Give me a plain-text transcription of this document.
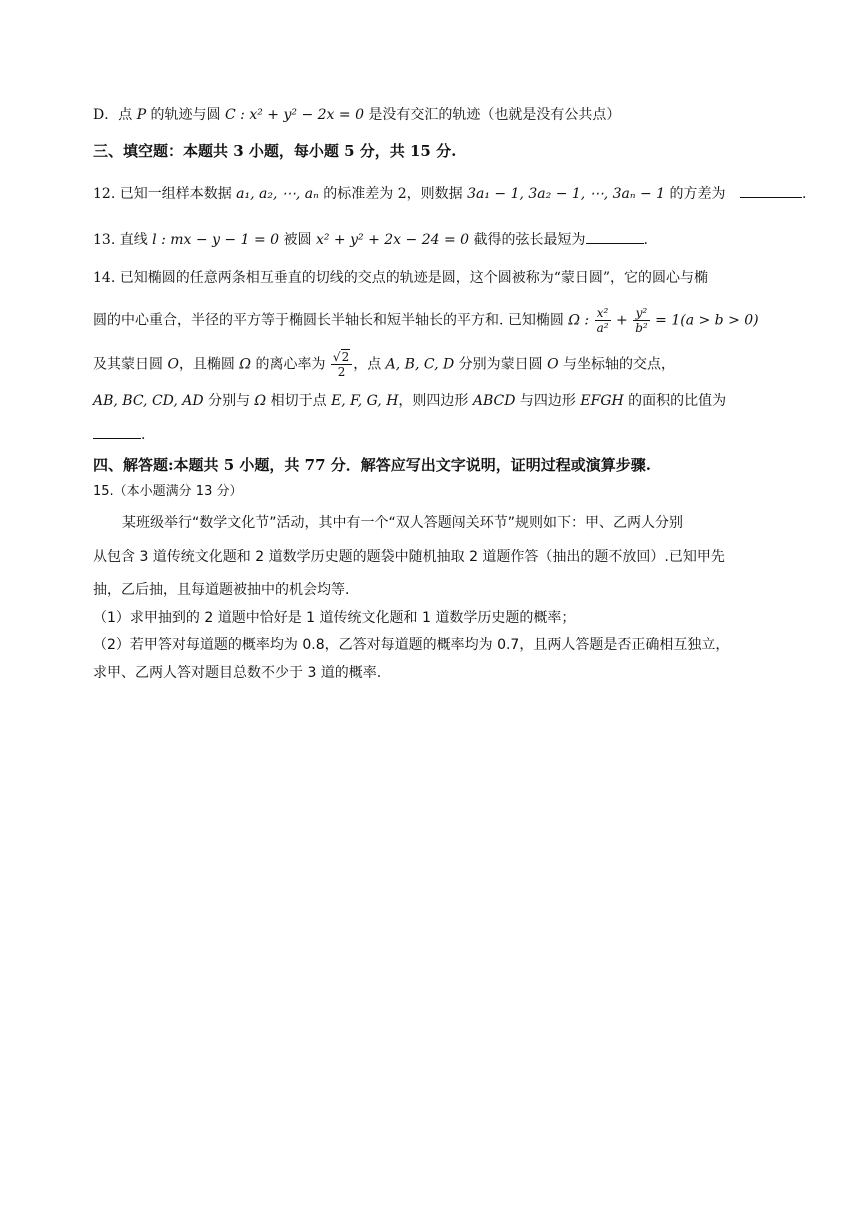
D．点 P 的轨迹与圆 C : x² + y² − 2x = 0 是没有交汇的轨迹（也就是没有公共点）
三、填空题：本题共 3 小题，每小题 5 分，共 15 分.
12. 已知一组样本数据 a₁, a₂, ⋯, aₙ 的标准差为 2，则数据 3a₁ − 1, 3a₂ − 1, ⋯, 3aₙ − 1 的方差为	.
13. 直线 l : mx − y − 1 = 0 被圆 x² + y² + 2x − 24 = 0 截得的弦长最短为	.
14. 已知椭圆的任意两条相互垂直的切线的交点的轨迹是圆，这个圆被称为“蒙日圆”，它的圆心与椭
圆的中心重合，半径的平方等于椭圆长半轴长和短半轴长的平方和. 已知椭圆 Ω : $\frac{\text{x²}}{\text{a²}} + \frac{\text{y²}}{\text{b²}} = 1(a > b > 0)$
及其蒙日圆 O，且椭圆 Ω 的离心率为 $\frac{√2}{2}$ ，点 A, B, C, D 分别为蒙日圆 O 与坐标轴的交点，
AB, BC, CD, AD 分别与 Ω 相切于点 E, F, G, H，则四边形 ABCD 与四边形 EFGH 的面积的比值为
.
四、解答题:本题共 5 小题，共 77 分．解答应写出文字说明，证明过程或演算步骤.
15.（本小题满分 13 分）
某班级举行“数学文化节”活动，其中有一个“双人答题闯关环节”规则如下：甲、乙两人分别
从包含 3 道传统文化题和 2 道数学历史题的题袋中随机抽取 2 道题作答（抽出的题不放回）.已知甲先
抽，乙后抽，且每道题被抽中的机会均等.
（1）求甲抽到的 2 道题中恰好是 1 道传统文化题和 1 道数学历史题的概率；
（2）若甲答对每道题的概率均为 0.8，乙答对每道题的概率均为 0.7，且两人答题是否正确相互独立，
求甲、乙两人答对题目总数不少于 3 道的概率.
